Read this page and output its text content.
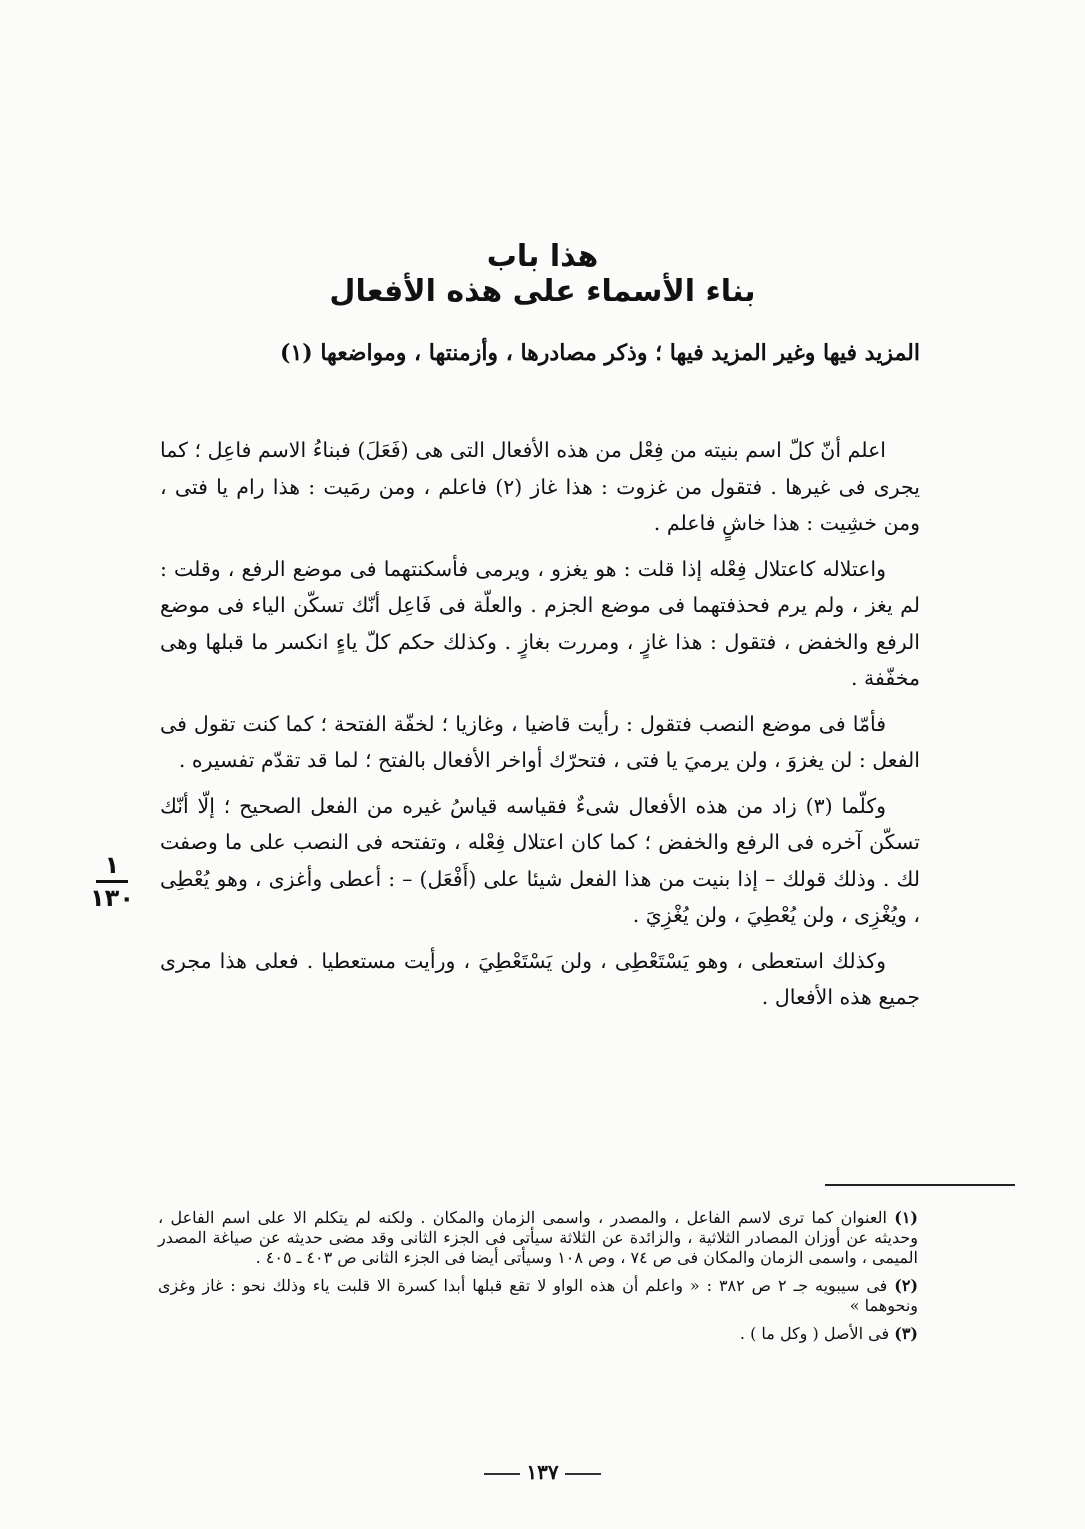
هذا باب
بناء الأسماء على هذه الأفعال
المزيد فيها وغير المزيد فيها ؛ وذكر مصادرها ، وأزمنتها ، ومواضعها (١)

اعلم أنّ كلّ اسم بنيته من فِعْل من هذه الأفعال التى هى (فَعَلَ) فبناءُ الاسم فاعِل ؛ كما يجرى فى غيرها . فتقول من غزوت : هذا غاز (٢) فاعلم ، ومن رمَيت : هذا رام يا فتى ، ومن خشِيت : هذا خاشٍ فاعلم .

واعتلاله كاعتلال فِعْله إذا قلت : هو يغزو ، ويرمى فأسكنتهما فى موضع الرفع ، وقلت : لم يغز ، ولم يرم فحذفتهما فى موضع الجزم . والعلّة فى فَاعِل أنّك تسكّن الياء فى موضع الرفع والخفض ، فتقول : هذا غازٍ ، ومررت بغازٍ . وكذلك حكم كلّ ياءٍ انكسر ما قبلها وهى مخفّفة .

فأمّا فى موضع النصب فتقول : رأيت قاضيا ، وغازيا ؛ لخفّة الفتحة ؛ كما كنت تقول فى الفعل : لن يغزوَ ، ولن يرميَ يا فتى ، فتحرّك أواخر الأفعال بالفتح ؛ لما قد تقدّم تفسيره .

وكلّما (٣) زاد من هذه الأفعال شىءٌ فقياسه قياسُ غيره من الفعل الصحيح ؛ إلّا أنّك تسكّن آخره فى الرفع والخفض ؛ كما كان اعتلال فِعْله ، وتفتحه فى النصب على ما وصفت لك . وذلك قولك – إذا بنيت من هذا الفعل شيئا على (أَفْعَل) – : أعطى وأغزى ، وهو يُعْطِى ، ويُغْزِى ، ولن يُعْطِيَ ، ولن يُغْزِيَ .

وكذلك استعطى ، وهو يَسْتَعْطِى ، ولن يَسْتَعْطِيَ ، ورأيت مستعطيا . فعلى هذا مجرى جميع هذه الأفعال .

١
١٣٠

(١) العنوان كما ترى لاسم الفاعل ، والمصدر ، واسمى الزمان والمكان . ولكنه لم يتكلم الا على اسم الفاعل ، وحديثه عن أوزان المصادر الثلاثية ، والزائدة عن الثلاثة سيأتى فى الجزء الثانى وقد مضى حديثه عن صياغة المصدر الميمى ، واسمى الزمان والمكان فى ص ٧٤ ، وص ١٠٨ وسيأتى أيضا فى الجزء الثانى ص ٤٠٣ ـ ٤٠٥ .

(٢) فى سيبويه جـ ٢ ص ٣٨٢ : « واعلم أن هذه الواو لا تقع قبلها أبدا كسرة الا قلبت ياء وذلك نحو : غاز وغزى ونحوهما »

(٣) فى الأصل ( وكل ما ) .

١٣٧
